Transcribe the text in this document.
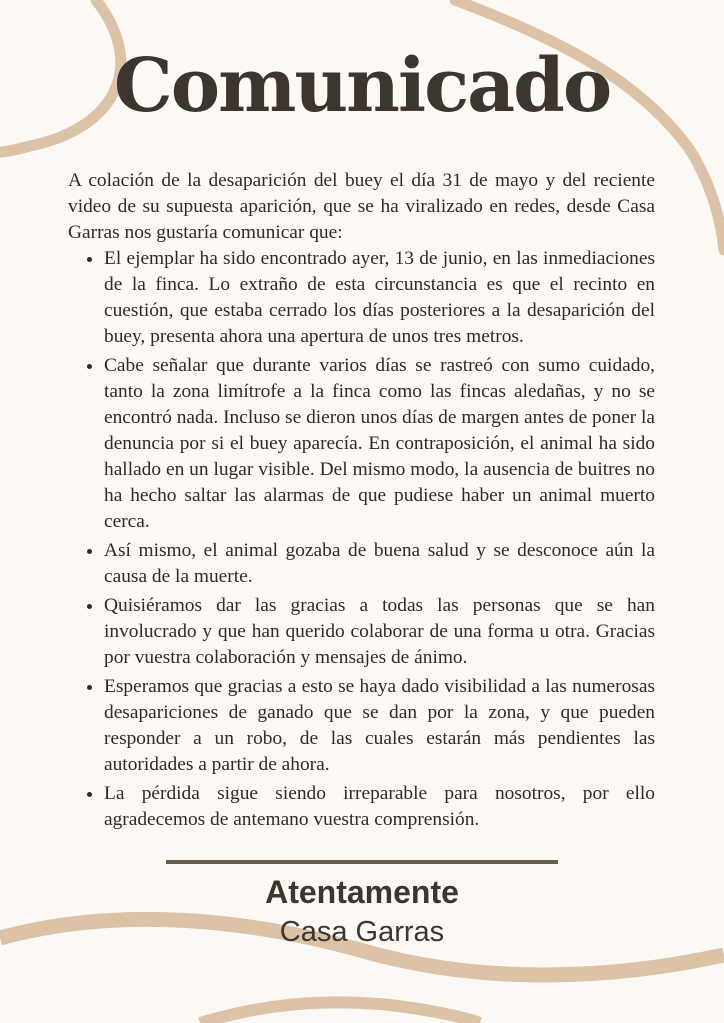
Comunicado

A colación de la desaparición del buey el día 31 de mayo y del reciente video de su supuesta aparición, que se ha viralizado en redes, desde Casa Garras nos gustaría comunicar que:

• El ejemplar ha sido encontrado ayer, 13 de junio, en las inmediaciones de la finca. Lo extraño de esta circunstancia es que el recinto en cuestión, que estaba cerrado los días posteriores a la desaparición del buey, presenta ahora una apertura de unos tres metros.
• Cabe señalar que durante varios días se rastreó con sumo cuidado, tanto la zona limítrofe a la finca como las fincas aledañas, y no se encontró nada. Incluso se dieron unos días de margen antes de poner la denuncia por si el buey aparecía. En contraposición, el animal ha sido hallado en un lugar visible. Del mismo modo, la ausencia de buitres no ha hecho saltar las alarmas de que pudiese haber un animal muerto cerca.
• Así mismo, el animal gozaba de buena salud y se desconoce aún la causa de la muerte.
• Quisiéramos dar las gracias a todas las personas que se han involucrado y que han querido colaborar de una forma u otra. Gracias por vuestra colaboración y mensajes de ánimo.
• Esperamos que gracias a esto se haya dado visibilidad a las numerosas desapariciones de ganado que se dan por la zona, y que pueden responder a un robo, de las cuales estarán más pendientes las autoridades a partir de ahora.
• La pérdida sigue siendo irreparable para nosotros, por ello agradecemos de antemano vuestra comprensión.
Atentamente
Casa Garras
